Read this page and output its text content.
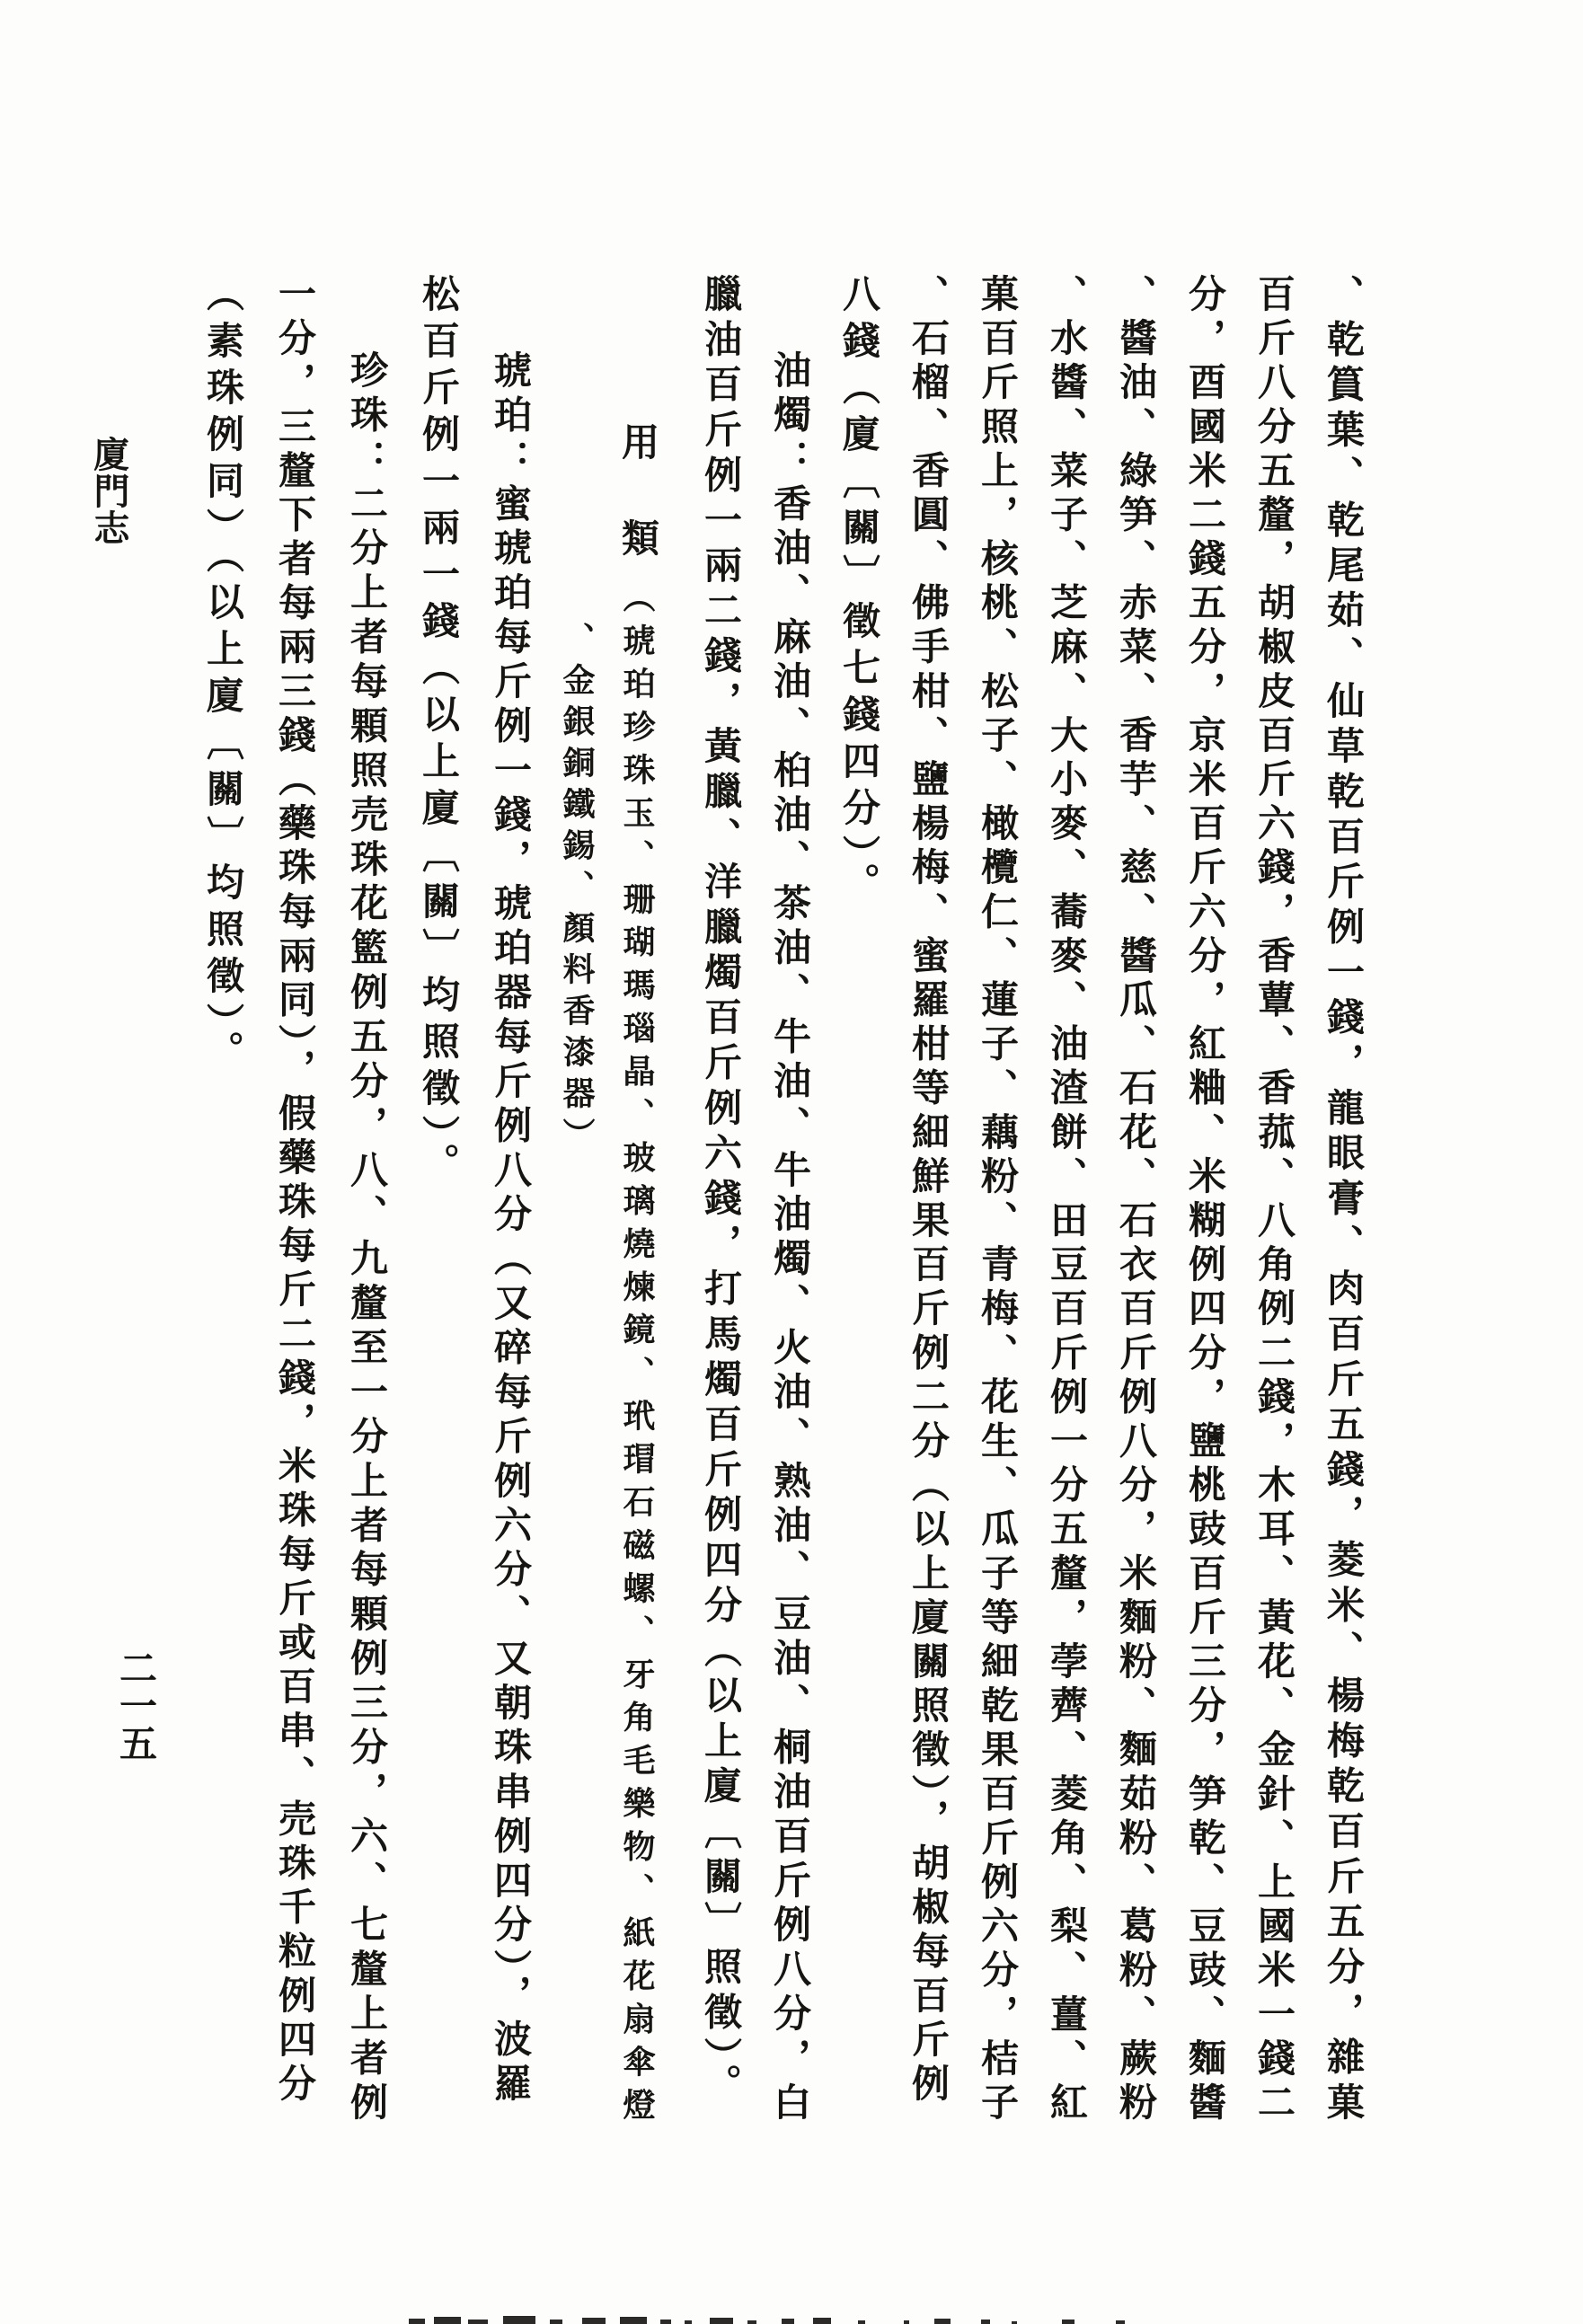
廈門志
二一五	、乾篔葉、乾尾茹、仙草乾百斤例一錢，龍眼膏、肉百斤五錢，菱米、楊梅乾百斤五分，雜菓
百斤八分五釐，胡椒皮百斤六錢，香蕈、香菰、八角例二錢，木耳、黃花、金針、上國米一錢二
分，酉國米二錢五分，京米百斤六分，紅粬、米糊例四分，鹽桃豉百斤三分，笋乾、豆豉、麵醬
、醬油、綠笋、赤菜、香芋、慈、醬瓜、石花、石衣百斤例八分，米麵粉、麵茹粉、葛粉、蕨粉
、水醬、菜子、芝麻、大小麥、蕎麥、油渣餅、田豆百斤例一分五釐，荸薺、菱角、梨、薑、紅
菓百斤照上，核桃、松子、橄欖仁、蓮子、藕粉、青梅、花生、瓜子等細乾果百斤例六分，桔子
、石榴、香圓、佛手柑、鹽楊梅、蜜羅柑等細鮮果百斤例二分（以上廈關照徵），胡椒每百斤例
八錢（廈〔關〕徵七錢四分）。
油燭：香油、麻油、桕油、茶油、牛油、牛油燭、火油、熟油、豆油、桐油百斤例八分，白
臘油百斤例一兩二錢，黃臘、洋臘燭百斤例六錢，打馬燭百斤例四分（以上廈〔關〕照徵）。
用類
（琥珀珍珠玉、珊瑚瑪瑙晶、玻璃燒煉鏡、玳瑁石磁螺、牙角毛樂物、紙花扇傘燈
、金銀銅鐵錫、顏料香漆器）
琥珀：蜜琥珀每斤例一錢，琥珀器每斤例八分（又碎每斤例六分、又朝珠串例四分），波羅
松百斤例一兩一錢（以上廈〔關〕均照徵）。
珍珠：二分上者每顆照売珠花籃例五分，八、九釐至一分上者每顆例三分，六、七釐上者例
一分，三釐下者每兩三錢（藥珠每兩同），假藥珠每斤二錢，米珠每斤或百串、売珠千粒例四分
（素珠例同）（以上廈〔關〕均照徵）。
